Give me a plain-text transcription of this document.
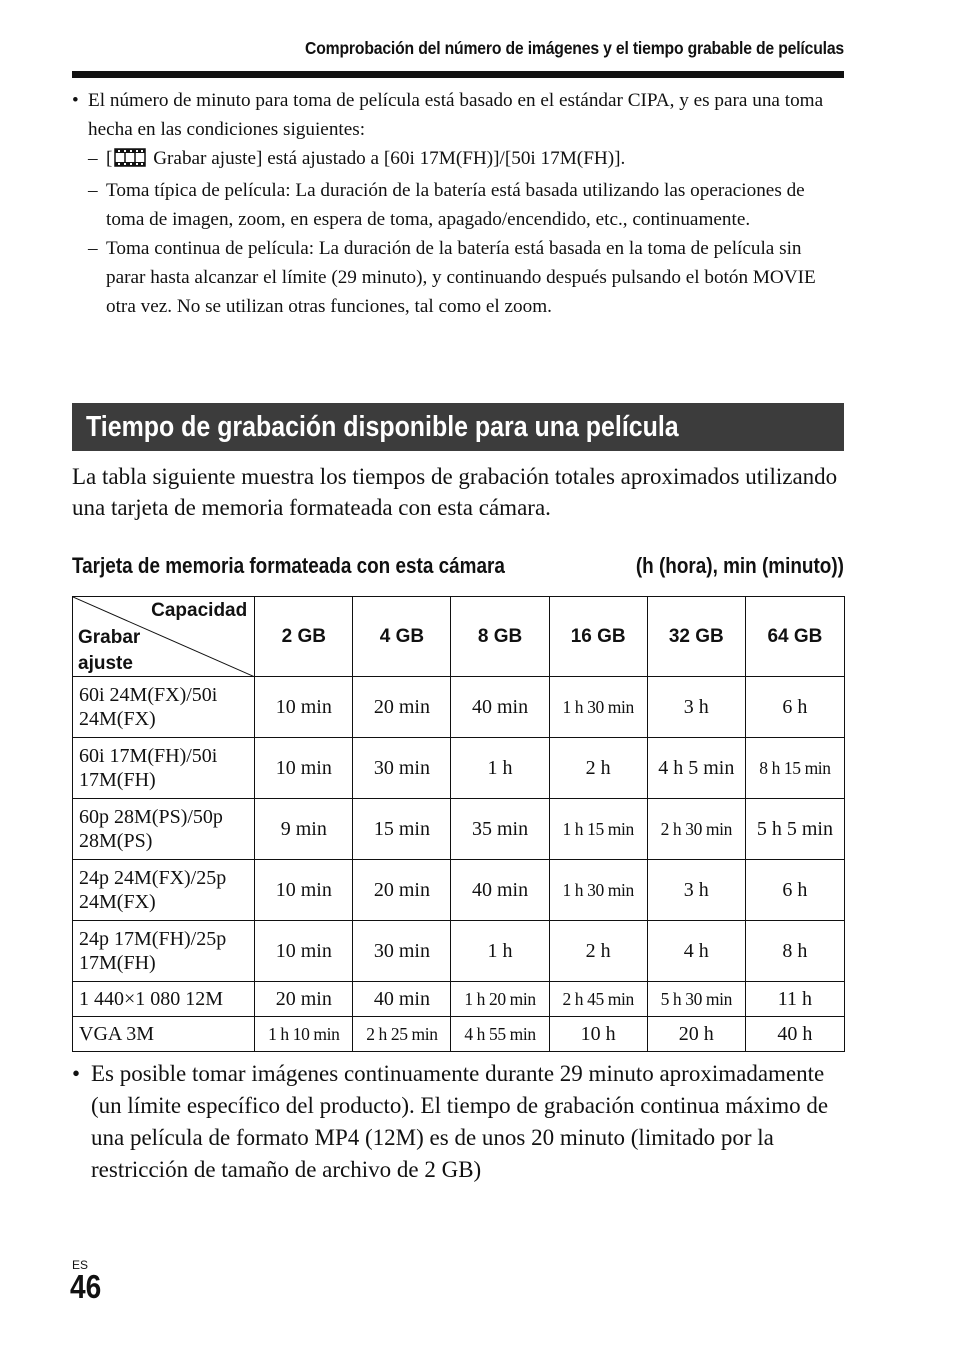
Comprobación del número de imágenes y el tiempo grabable de películas
• El número de minuto para toma de película está basado en el estándar CIPA, y es para una toma hecha en las condiciones siguientes:
– [ Grabar ajuste] está ajustado a [60i 17M(FH)]/[50i 17M(FH)].
– Toma típica de película: La duración de la batería está basada utilizando las operaciones de toma de imagen, zoom, en espera de toma, apagado/encendido, etc., continuamente.
– Toma continua de película: La duración de la batería está basada en la toma de película sin parar hasta alcanzar el límite (29 minuto), y continuando después pulsando el botón MOVIE otra vez. No se utilizan otras funciones, tal como el zoom.
Tiempo de grabación disponible para una película
La tabla siguiente muestra los tiempos de grabación totales aproximados utilizando una tarjeta de memoria formateada con esta cámara.
Tarjeta de memoria formateada con esta cámara	(h (hora), min (minuto))
Capacidad
Grabar
ajuste	2 GB	4 GB	8 GB	16 GB	32 GB	64 GB
60i 24M(FX)/50i 24M(FX)	10 min	20 min	40 min	1 h 30 min	3 h	6 h
60i 17M(FH)/50i 17M(FH)	10 min	30 min	1 h	2 h	4 h 5 min	8 h 15 min
60p 28M(PS)/50p 28M(PS)	9 min	15 min	35 min	1 h 15 min	2 h 30 min	5 h 5 min
24p 24M(FX)/25p 24M(FX)	10 min	20 min	40 min	1 h 30 min	3 h	6 h
24p 17M(FH)/25p 17M(FH)	10 min	30 min	1 h	2 h	4 h	8 h
1 440×1 080 12M	20 min	40 min	1 h 20 min	2 h 45 min	5 h 30 min	11 h
VGA 3M	1 h 10 min	2 h 25 min	4 h 55 min	10 h	20 h	40 h
• Es posible tomar imágenes continuamente durante 29 minuto aproximadamente (un límite específico del producto). El tiempo de grabación continua máximo de una película de formato MP4 (12M) es de unos 20 minuto (limitado por la restricción de tamaño de archivo de 2 GB)
ES
46
